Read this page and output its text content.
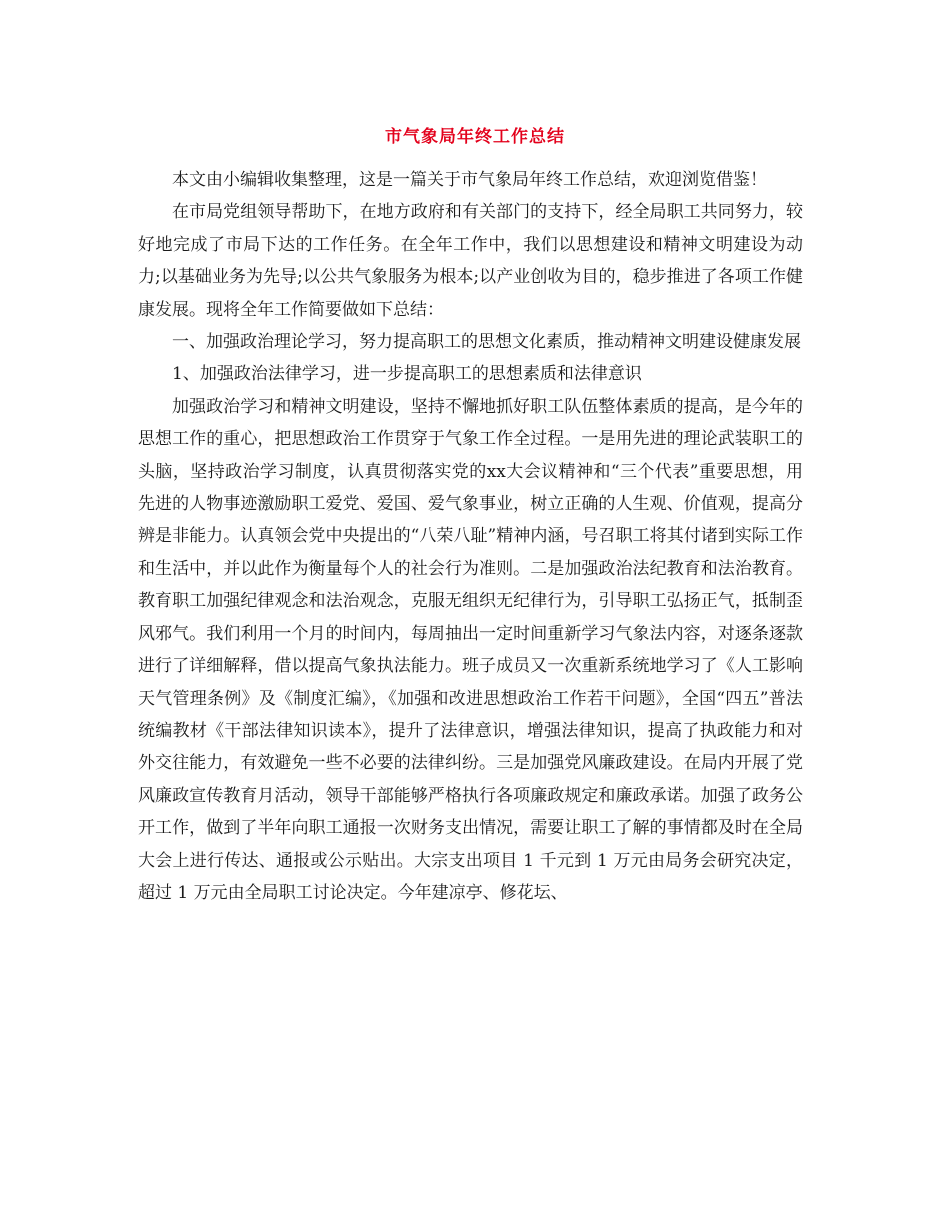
市气象局年终工作总结

本文由小编辑收集整理，这是一篇关于市气象局年终工作总结，欢迎浏览借鉴！

在市局党组领导帮助下，在地方政府和有关部门的支持下，经全局职工共同努力，较好地完成了市局下达的工作任务。在全年工作中，我们以思想建设和精神文明建设为动力;以基础业务为先导;以公共气象服务为根本;以产业创收为目的，稳步推进了各项工作健康发展。现将全年工作简要做如下总结：

一、加强政治理论学习，努力提高职工的思想文化素质，推动精神文明建设健康发展

1、加强政治法律学习，进一步提高职工的思想素质和法律意识

加强政治学习和精神文明建设，坚持不懈地抓好职工队伍整体素质的提高，是今年的思想工作的重心，把思想政治工作贯穿于气象工作全过程。一是用先进的理论武装职工的头脑，坚持政治学习制度，认真贯彻落实党的xx大会议精神和“三个代表”重要思想，用先进的人物事迹激励职工爱党、爱国、爱气象事业，树立正确的人生观、价值观，提高分辨是非能力。认真领会党中央提出的“八荣八耻”精神内涵，号召职工将其付诸到实际工作和生活中，并以此作为衡量每个人的社会行为准则。二是加强政治法纪教育和法治教育。教育职工加强纪律观念和法治观念，克服无组织无纪律行为，引导职工弘扬正气，抵制歪风邪气。我们利用一个月的时间内，每周抽出一定时间重新学习气象法内容，对逐条逐款进行了详细解释，借以提高气象执法能力。班子成员又一次重新系统地学习了《人工影响天气管理条例》及《制度汇编》，《加强和改进思想政治工作若干问题》，全国“四五”普法统编教材《干部法律知识读本》，提升了法律意识，增强法律知识，提高了执政能力和对外交往能力，有效避免一些不必要的法律纠纷。三是加强党风廉政建设。在局内开展了党风廉政宣传教育月活动，领导干部能够严格执行各项廉政规定和廉政承诺。加强了政务公开工作，做到了半年向职工通报一次财务支出情况，需要让职工了解的事情都及时在全局大会上进行传达、通报或公示贴出。大宗支出项目 1 千元到 1 万元由局务会研究决定，超过 1 万元由全局职工讨论决定。今年建凉亭、修花坛、
